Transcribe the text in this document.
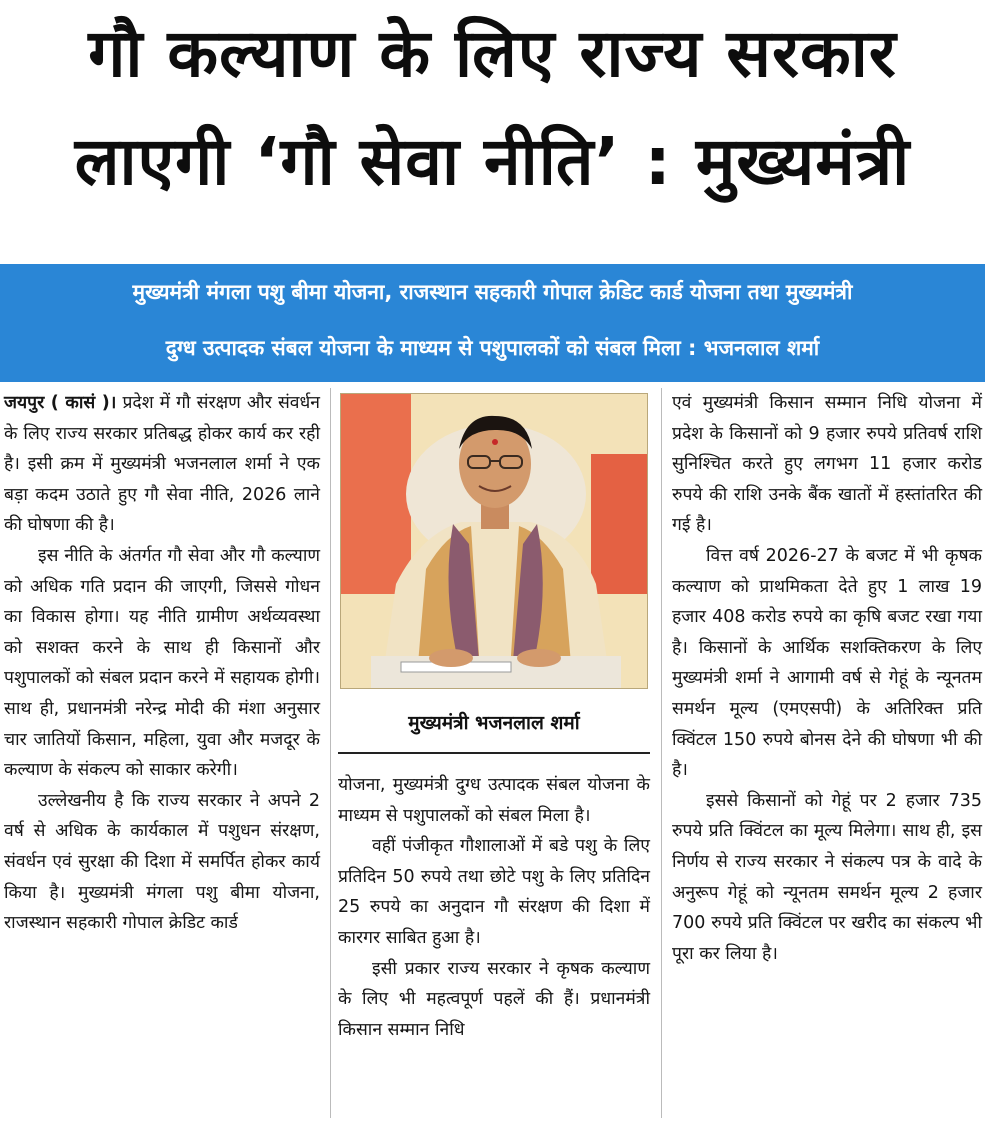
गौ कल्याण के लिए राज्य सरकार
लाएगी ‘गौ सेवा नीति’ : मुख्यमंत्री
मुख्यमंत्री मंगला पशु बीमा योजना, राजस्थान सहकारी गोपाल क्रेडिट कार्ड योजना तथा मुख्यमंत्री
दुग्ध उत्पादक संबल योजना के माध्यम से पशुपालकों को संबल मिला : भजनलाल शर्मा

जयपुर ( कासं )। प्रदेश में गौ संरक्षण और संवर्धन के लिए राज्य सरकार प्रतिबद्ध होकर कार्य कर रही है। इसी क्रम में मुख्यमंत्री भजनलाल शर्मा ने एक बड़ा कदम उठाते हुए गौ सेवा नीति, 2026 लाने की घोषणा की है।

इस नीति के अंतर्गत गौ सेवा और गौ कल्याण को अधिक गति प्रदान की जाएगी, जिससे गोधन का विकास होगा। यह नीति ग्रामीण अर्थव्यवस्था को सशक्त करने के साथ ही किसानों और पशुपालकों को संबल प्रदान करने में सहायक होगी। साथ ही, प्रधानमंत्री नरेन्द्र मोदी की मंशा अनुसार चार जातियों किसान, महिला, युवा और मजदूर के कल्याण के संकल्प को साकार करेगी।

उल्लेखनीय है कि राज्य सरकार ने अपने 2 वर्ष से अधिक के कार्यकाल में पशुधन संरक्षण, संवर्धन एवं सुरक्षा की दिशा में समर्पित होकर कार्य किया है। मुख्यमंत्री मंगला पशु बीमा योजना, राजस्थान सहकारी गोपाल क्रेडिट कार्ड

मुख्यमंत्री भजनलाल शर्मा

योजना, मुख्यमंत्री दुग्ध उत्पादक संबल योजना के माध्यम से पशुपालकों को संबल मिला है।

वहीं पंजीकृत गौशालाओं में बडे पशु के लिए प्रतिदिन 50 रुपये तथा छोटे पशु के लिए प्रतिदिन 25 रुपये का अनुदान गौ संरक्षण की दिशा में कारगर साबित हुआ है।

इसी प्रकार राज्य सरकार ने कृषक कल्याण के लिए भी महत्वपूर्ण पहलें की हैं। प्रधानमंत्री किसान सम्मान निधि

एवं मुख्यमंत्री किसान सम्मान निधि योजना में प्रदेश के किसानों को 9 हजार रुपये प्रतिवर्ष राशि सुनिश्चित करते हुए लगभग 11 हजार करोड रुपये की राशि उनके बैंक खातों में हस्तांतरित की गई है।

वित्त वर्ष 2026-27 के बजट में भी कृषक कल्याण को प्राथमिकता देते हुए 1 लाख 19 हजार 408 करोड रुपये का कृषि बजट रखा गया है। किसानों के आर्थिक सशक्तिकरण के लिए मुख्यमंत्री शर्मा ने आगामी वर्ष से गेहूं के न्यूनतम समर्थन मूल्य (एमएसपी) के अतिरिक्त प्रति क्विंटल 150 रुपये बोनस देने की घोषणा भी की है।

इससे किसानों को गेहूं पर 2 हजार 735 रुपये प्रति क्विंटल का मूल्य मिलेगा। साथ ही, इस निर्णय से राज्य सरकार ने संकल्प पत्र के वादे के अनुरूप गेहूं को न्यूनतम समर्थन मूल्य 2 हजार 700 रुपये प्रति क्विंटल पर खरीद का संकल्प भी पूरा कर लिया है।
